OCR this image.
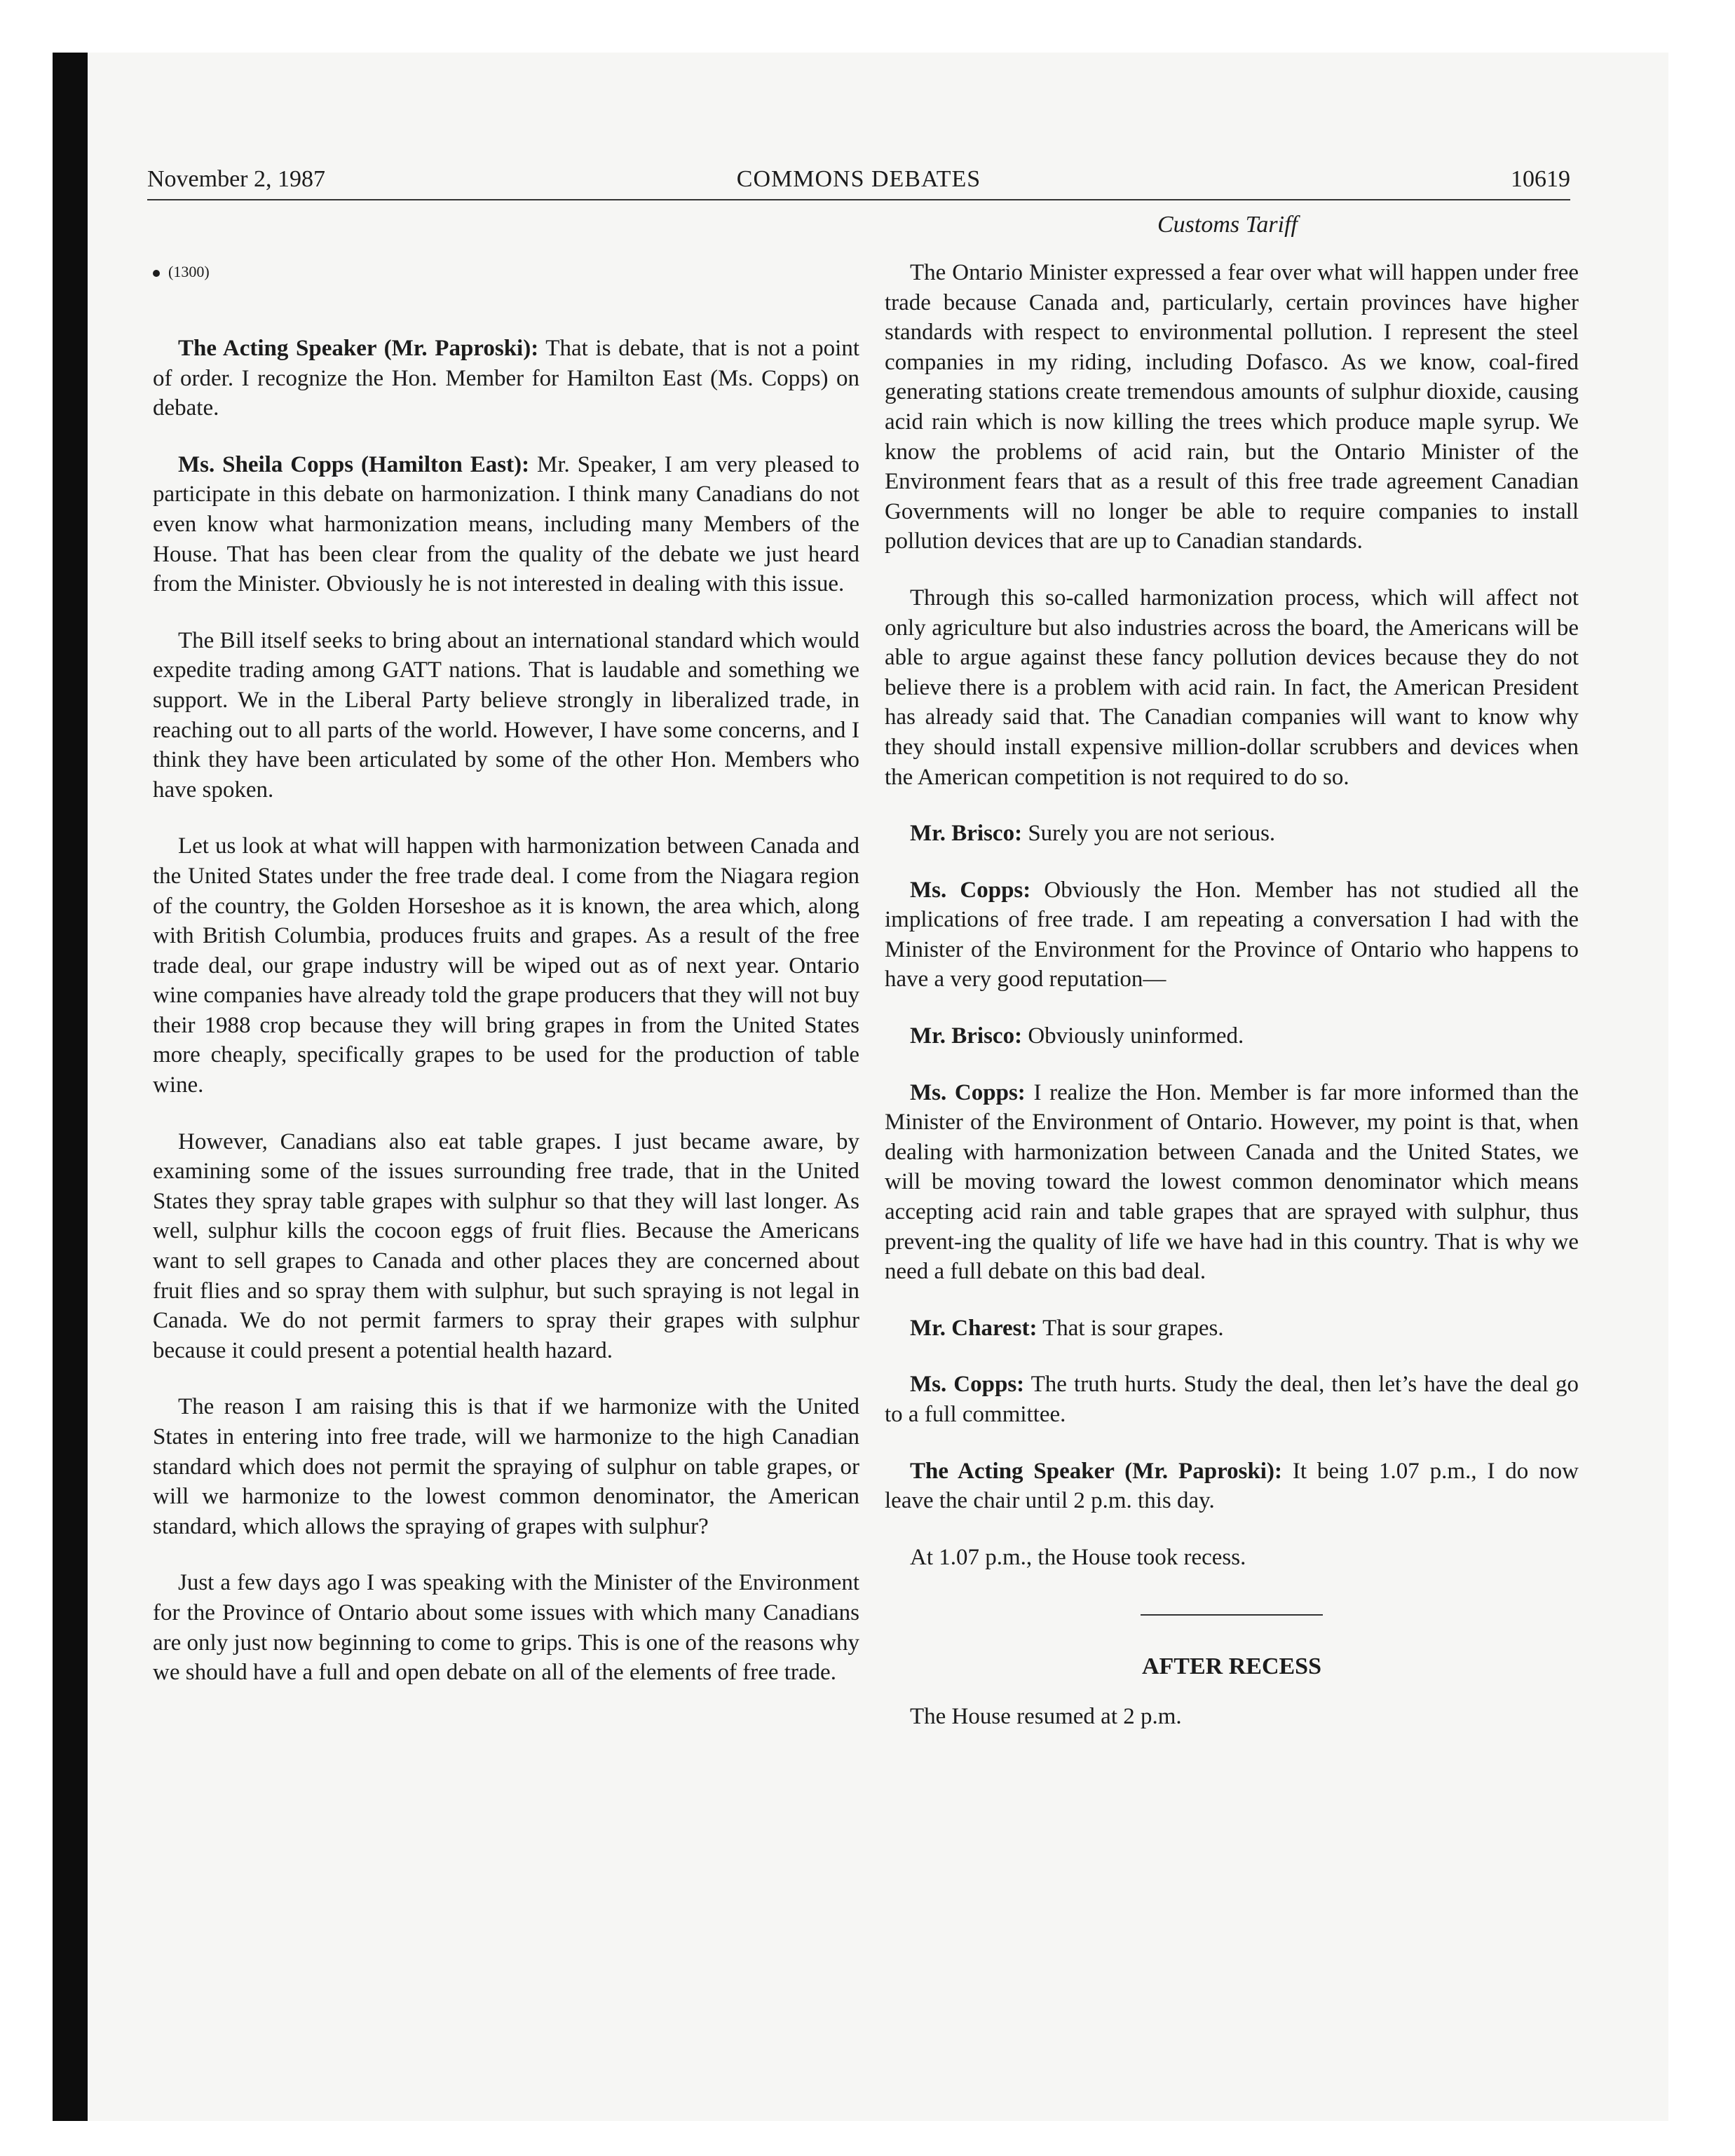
November 2, 1987	COMMONS DEBATES	10619
Customs Tariff
(1300)

The Acting Speaker (Mr. Paproski): That is debate, that is not a point of order. I recognize the Hon. Member for Hamilton East (Ms. Copps) on debate.

Ms. Sheila Copps (Hamilton East): Mr. Speaker, I am very pleased to participate in this debate on harmonization. I think many Canadians do not even know what harmonization means, including many Members of the House. That has been clear from the quality of the debate we just heard from the Minister. Obviously he is not interested in dealing with this issue.

The Bill itself seeks to bring about an international standard which would expedite trading among GATT nations. That is laudable and something we support. We in the Liberal Party believe strongly in liberalized trade, in reaching out to all parts of the world. However, I have some concerns, and I think they have been articulated by some of the other Hon. Members who have spoken.

Let us look at what will happen with harmonization between Canada and the United States under the free trade deal. I come from the Niagara region of the country, the Golden Horseshoe as it is known, the area which, along with British Columbia, produces fruits and grapes. As a result of the free trade deal, our grape industry will be wiped out as of next year. Ontario wine companies have already told the grape producers that they will not buy their 1988 crop because they will bring grapes in from the United States more cheaply, specifically grapes to be used for the production of table wine.

However, Canadians also eat table grapes. I just became aware, by examining some of the issues surrounding free trade, that in the United States they spray table grapes with sulphur so that they will last longer. As well, sulphur kills the cocoon eggs of fruit flies. Because the Americans want to sell grapes to Canada and other places they are concerned about fruit flies and so spray them with sulphur, but such spraying is not legal in Canada. We do not permit farmers to spray their grapes with sulphur because it could present a potential health hazard.

The reason I am raising this is that if we harmonize with the United States in entering into free trade, will we harmonize to the high Canadian standard which does not permit the spraying of sulphur on table grapes, or will we harmonize to the lowest common denominator, the American standard, which allows the spraying of grapes with sulphur?

Just a few days ago I was speaking with the Minister of the Environment for the Province of Ontario about some issues with which many Canadians are only just now beginning to come to grips. This is one of the reasons why we should have a full and open debate on all of the elements of free trade.

The Ontario Minister expressed a fear over what will happen under free trade because Canada and, particularly, certain provinces have higher standards with respect to environmental pollution. I represent the steel companies in my riding, including Dofasco. As we know, coal-fired generating stations create tremendous amounts of sulphur dioxide, causing acid rain which is now killing the trees which produce maple syrup. We know the problems of acid rain, but the Ontario Minister of the Environment fears that as a result of this free trade agreement Canadian Governments will no longer be able to require companies to install pollution devices that are up to Canadian standards.

Through this so-called harmonization process, which will affect not only agriculture but also industries across the board, the Americans will be able to argue against these fancy pollution devices because they do not believe there is a problem with acid rain. In fact, the American President has already said that. The Canadian companies will want to know why they should install expensive million-dollar scrubbers and devices when the American competition is not required to do so.

Mr. Brisco: Surely you are not serious.

Ms. Copps: Obviously the Hon. Member has not studied all the implications of free trade. I am repeating a conversation I had with the Minister of the Environment for the Province of Ontario who happens to have a very good reputation—

Mr. Brisco: Obviously uninformed.

Ms. Copps: I realize the Hon. Member is far more informed than the Minister of the Environment of Ontario. However, my point is that, when dealing with harmonization between Canada and the United States, we will be moving toward the lowest common denominator which means accepting acid rain and table grapes that are sprayed with sulphur, thus prevent-ing the quality of life we have had in this country. That is why we need a full debate on this bad deal.

Mr. Charest: That is sour grapes.

Ms. Copps: The truth hurts. Study the deal, then let’s have the deal go to a full committee.

The Acting Speaker (Mr. Paproski): It being 1.07 p.m., I do now leave the chair until 2 p.m. this day.

At 1.07 p.m., the House took recess.

AFTER RECESS

The House resumed at 2 p.m.
